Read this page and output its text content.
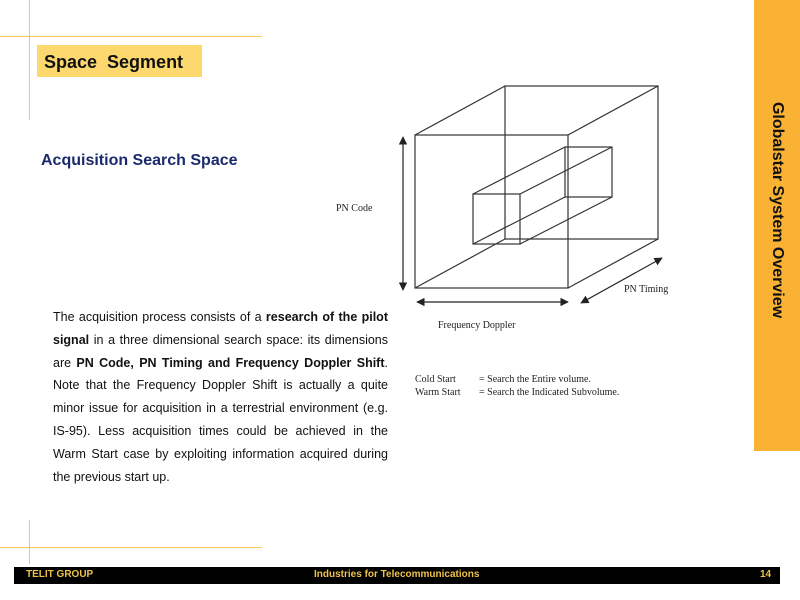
Space  Segment
Acquisition Search Space
The acquisition process consists of a research of the pilot signal in a three dimensional search space: its dimensions are PN Code, PN Timing and Frequency Doppler Shift. Note that the Frequency Doppler Shift is actually a quite minor issue for acquisition in a terrestrial environment (e.g. IS-95). Less acquisition times could be achieved in the Warm Start case by exploiting information acquired during the previous start up.
PN Code
Frequency Doppler
PN Timing
Cold Start = Search the Entire volume.
Warm Start = Search the Indicated Subvolume.
Globalstar System Overview
TELIT GROUP	Industries for Telecommunications	14
